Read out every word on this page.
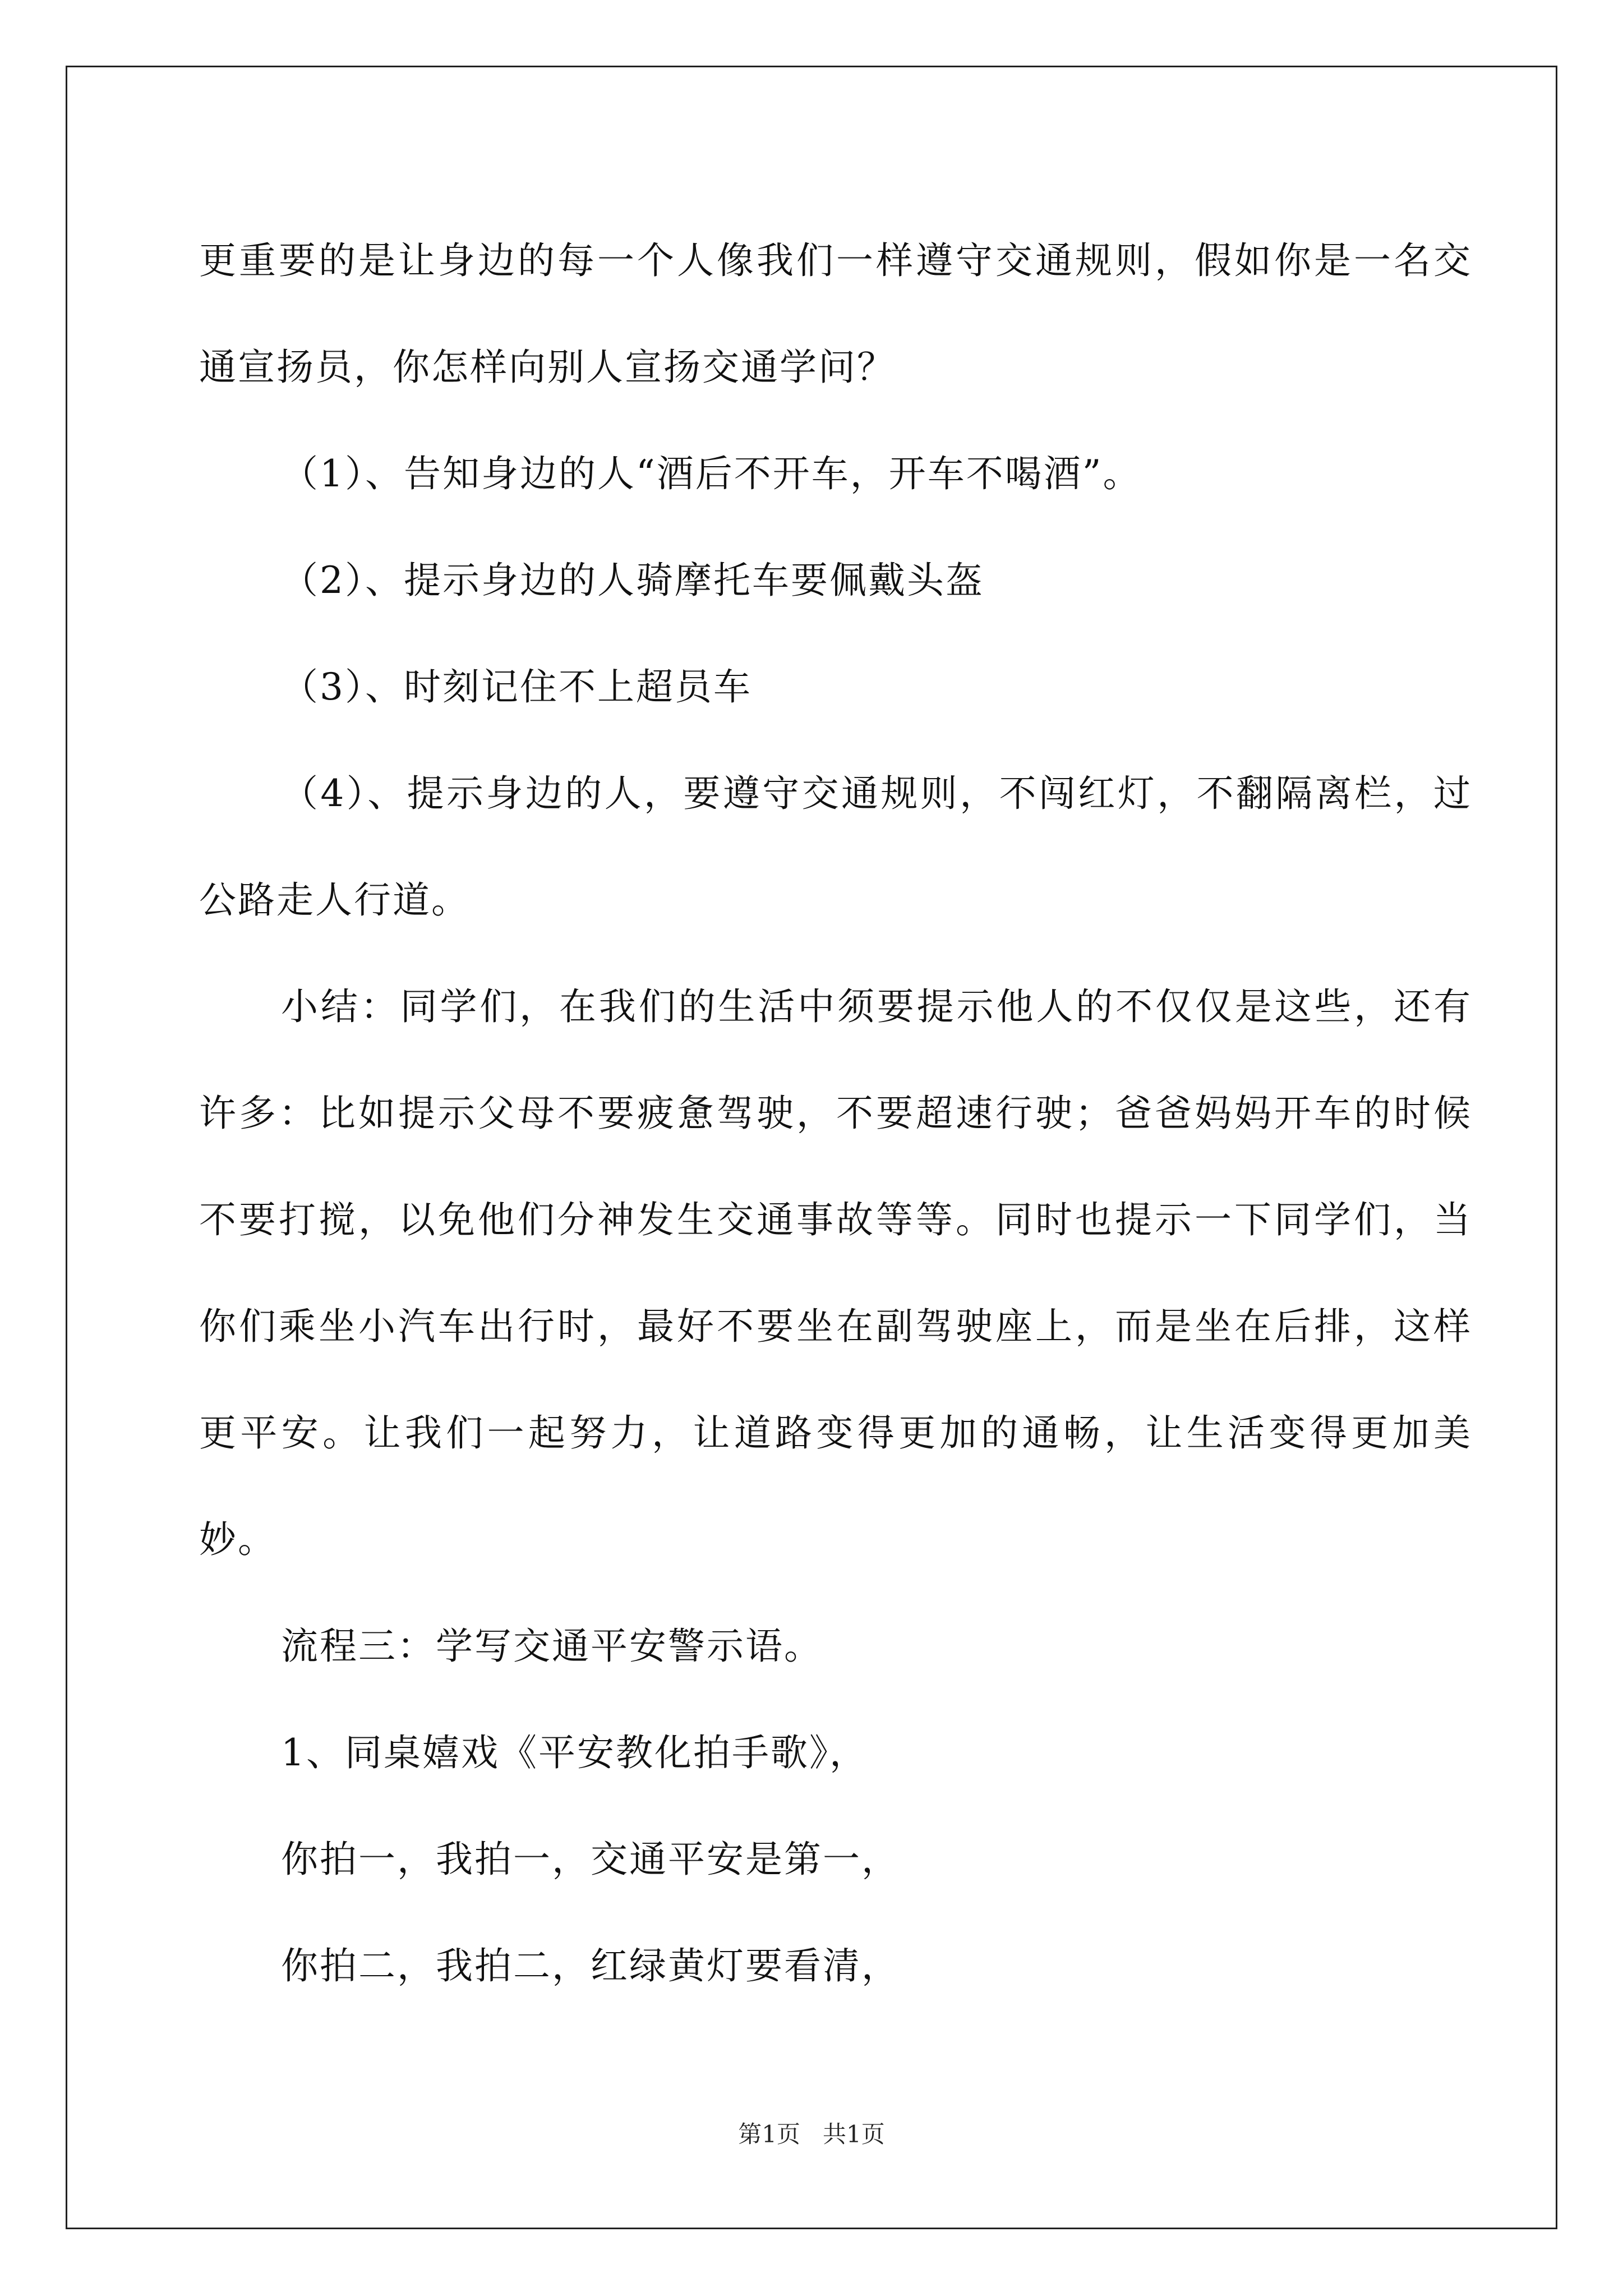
更重要的是让身边的每一个人像我们一样遵守交通规则，假如你是一名交通宣扬员，你怎样向别人宣扬交通学问？

（1）、告知身边的人“酒后不开车，开车不喝酒”。

（2）、提示身边的人骑摩托车要佩戴头盔

（3）、时刻记住不上超员车

（4）、提示身边的人，要遵守交通规则，不闯红灯，不翻隔离栏，过公路走人行道。

小结：同学们，在我们的生活中须要提示他人的不仅仅是这些，还有许多：比如提示父母不要疲惫驾驶，不要超速行驶；爸爸妈妈开车的时候不要打搅，以免他们分神发生交通事故等等。同时也提示一下同学们，当你们乘坐小汽车出行时，最好不要坐在副驾驶座上，而是坐在后排，这样更平安。让我们一起努力，让道路变得更加的通畅，让生活变得更加美妙。

流程三：学写交通平安警示语。

1、同桌嬉戏《平安教化拍手歌》，

你拍一，我拍一，交通平安是第一，

你拍二，我拍二，红绿黄灯要看清，

第1页 共1页
